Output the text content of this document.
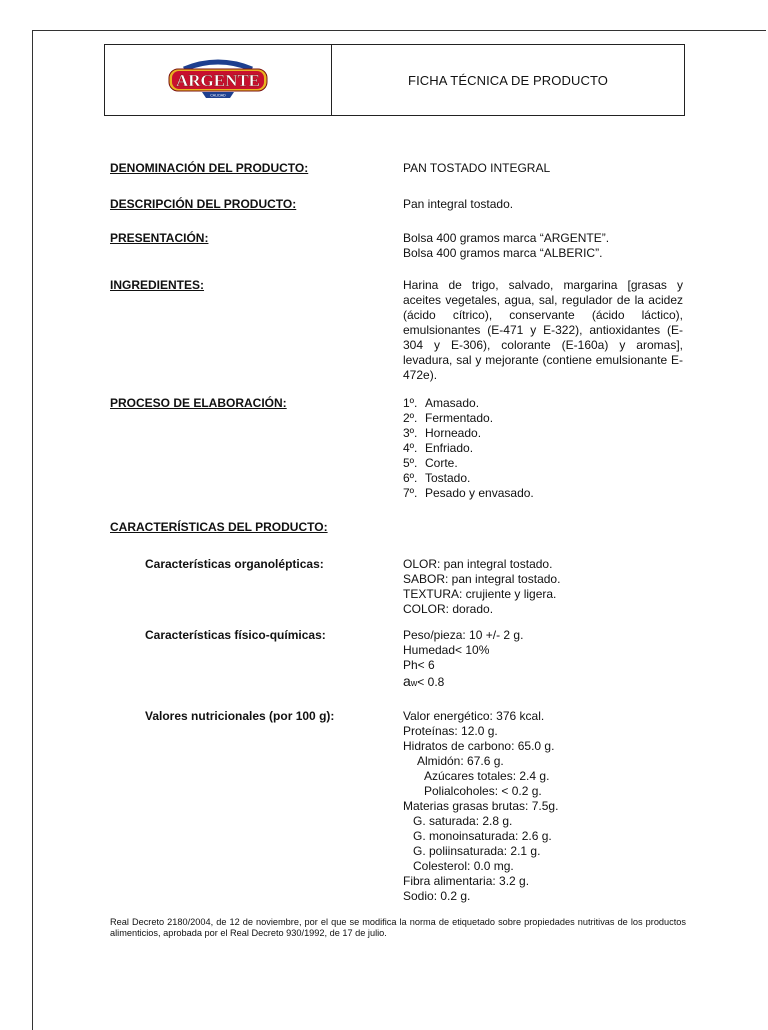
DESDE 1939
ARGENTE
CALIDAD
FICHA TÉCNICA DE PRODUCTO
DENOMINACIÓN DEL PRODUCTO:	PAN TOSTADO INTEGRAL
DESCRIPCIÓN DEL PRODUCTO:	Pan integral tostado.
PRESENTACIÓN:	Bolsa 400 gramos marca “ARGENTE”.
Bolsa 400 gramos marca “ALBERIC”.
INGREDIENTES:	Harina de trigo, salvado, margarina [grasas y aceites vegetales, agua, sal, regulador de la acidez (ácido cítrico), conservante (ácido láctico), emulsionantes (E-471 y E-322), antioxidantes (E-304 y E-306), colorante (E-160a) y aromas], levadura, sal y mejorante (contiene emulsionante E-472e).
PROCESO DE ELABORACIÓN:	1º. Amasado.
2º. Fermentado.
3º. Horneado.
4º. Enfriado.
5º. Corte.
6º. Tostado.
7º. Pesado y envasado.
CARACTERÍSTICAS DEL PRODUCTO:
Características organolépticas:	OLOR: pan integral tostado.
SABOR: pan integral tostado.
TEXTURA: crujiente y ligera.
COLOR: dorado.
Características físico-químicas:	Peso/pieza: 10 +/- 2 g.
Humedad< 10%
Ph< 6
aw< 0.8
Valores nutricionales (por 100 g):	Valor energético: 376 kcal.
Proteínas: 12.0 g.
Hidratos de carbono: 65.0 g.
Almidón: 67.6 g.
Azúcares totales: 2.4 g.
Polialcoholes: < 0.2 g.
Materias grasas brutas: 7.5g.
G. saturada: 2.8 g.
G. monoinsaturada: 2.6 g.
G. poliinsaturada: 2.1 g.
Colesterol: 0.0 mg.
Fibra alimentaria: 3.2 g.
Sodio: 0.2 g.
Real Decreto 2180/2004, de 12 de noviembre, por el que se modifica la norma de etiquetado sobre propiedades nutritivas de los productos alimenticios, aprobada por el Real Decreto 930/1992, de 17 de julio.
